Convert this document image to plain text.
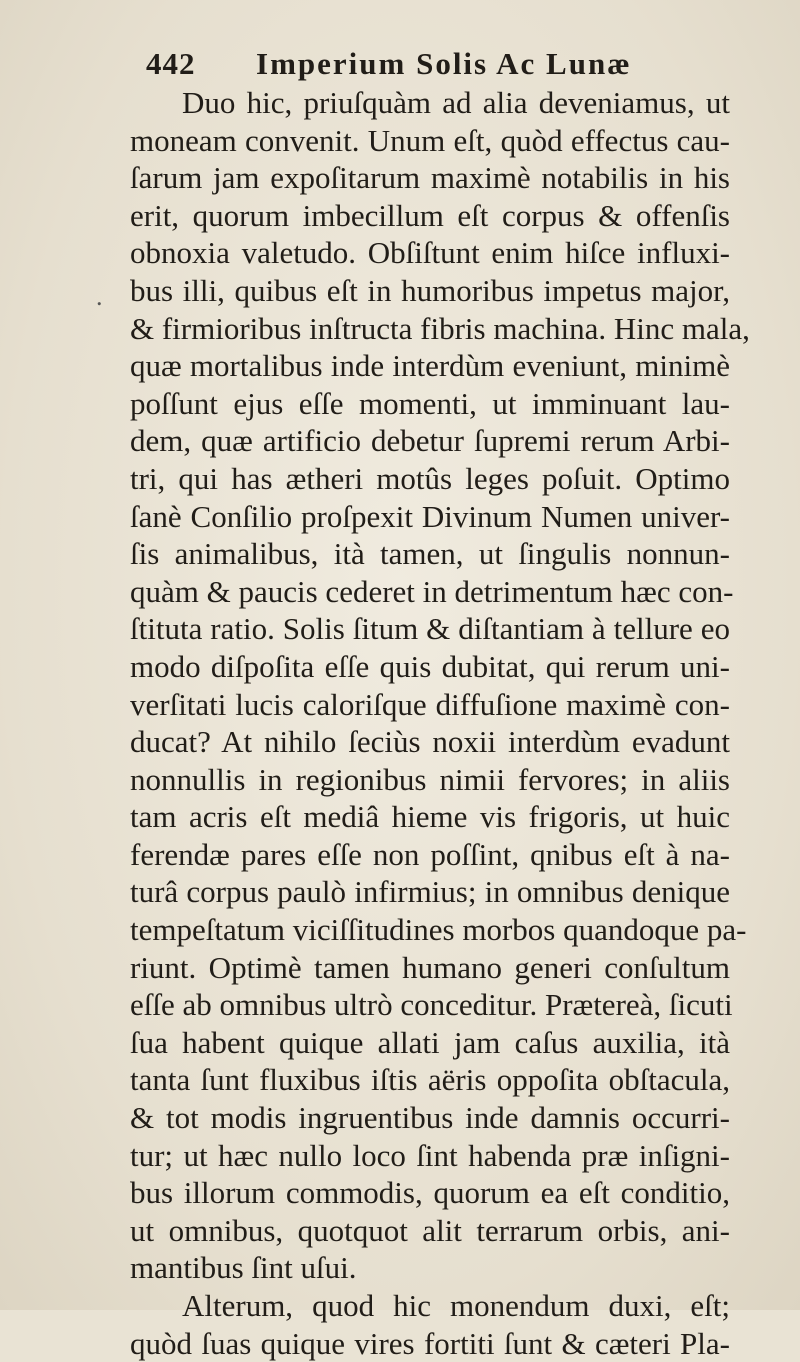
442	Imperium Solis Ac Lunæ
.
Duo hic, priuſquàm ad alia deveniamus, ut
moneam convenit. Unum eſt, quòd effectus cau-
ſarum jam expoſitarum maximè notabilis in his
erit, quorum imbecillum eſt corpus & offenſis
obnoxia valetudo. Obſiſtunt enim hiſce influxi-
bus illi, quibus eſt in humoribus impetus major,
& firmioribus inſtructa fibris machina. Hinc mala,
quæ mortalibus inde interdùm eveniunt, minimè
poſſunt ejus eſſe momenti, ut imminuant lau-
dem, quæ artificio debetur ſupremi rerum Arbi-
tri, qui has ætheri motûs leges poſuit. Optimo
ſanè Conſilio proſpexit Divinum Numen univer-
ſis animalibus, ità tamen, ut ſingulis nonnun-
quàm & paucis cederet in detrimentum hæc con-
ſtituta ratio. Solis ſitum & diſtantiam à tellure eo
modo diſpoſita eſſe quis dubitat, qui rerum uni-
verſitati lucis caloriſque diffuſione maximè con-
ducat? At nihilo ſeciùs noxii interdùm evadunt
nonnullis in regionibus nimii fervores; in aliis
tam acris eſt mediâ hieme vis frigoris, ut huic
ferendæ pares eſſe non poſſint, qnibus eſt à na-
turâ corpus paulò infirmius; in omnibus denique
tempeſtatum viciſſitudines morbos quandoque pa-
riunt. Optimè tamen humano generi conſultum
eſſe ab omnibus ultrò conceditur. Prætereà, ſicuti
ſua habent quique allati jam caſus auxilia, ità
tanta ſunt fluxibus iſtis aëris oppoſita obſtacula,
& tot modis ingruentibus inde damnis occurri-
tur; ut hæc nullo loco ſint habenda præ inſigni-
bus illorum commodis, quorum ea eſt conditio,
ut omnibus, quotquot alit terrarum orbis, ani-
mantibus ſint uſui.
Alterum, quod hic monendum duxi, eſt;
quòd ſuas quique vires fortiti ſunt & cæteri Pla-
